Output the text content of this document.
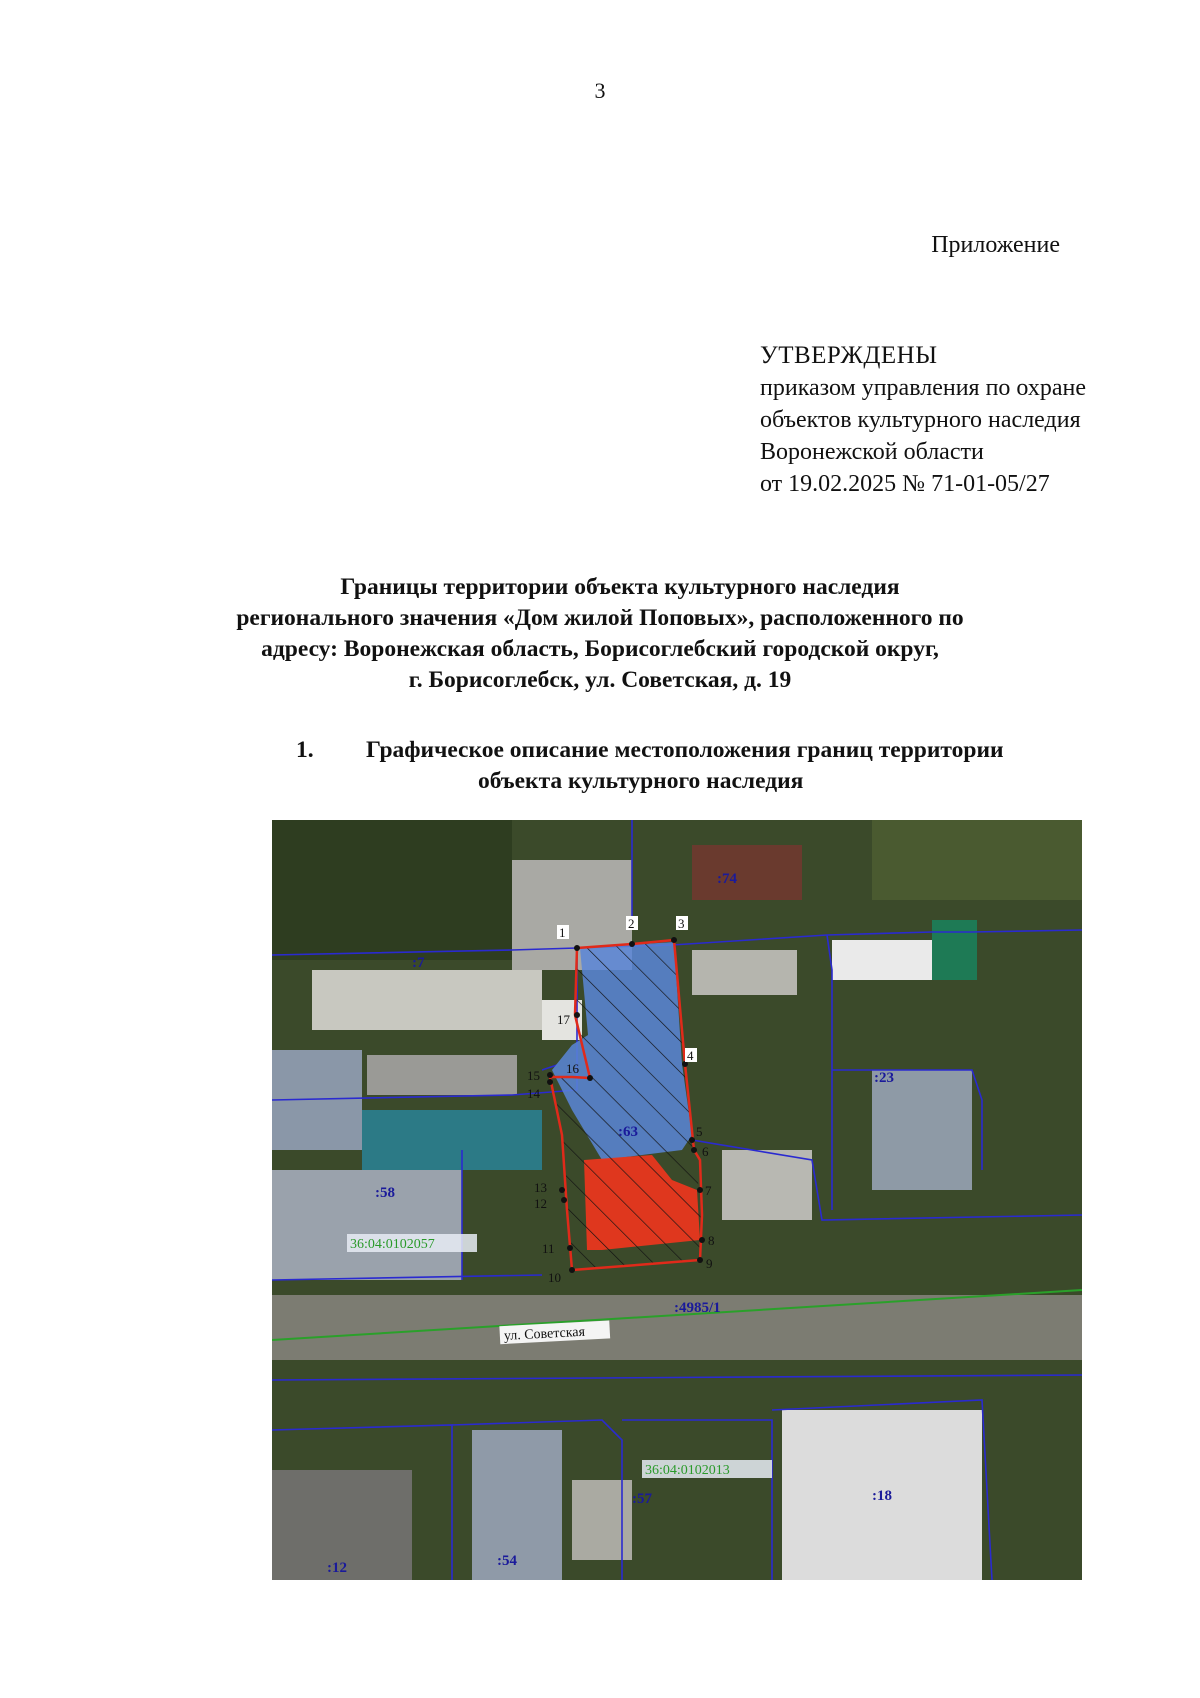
3
Приложение
УТВЕРЖДЕНЫ
приказом управления по охране
объектов культурного наследия
Воронежской области
от 19.02.2025 № 71-01-05/27
Границы территории объекта культурного наследия
регионального значения «Дом жилой Поповых», расположенного по
адресу: Воронежская область, Борисоглебский городской округ,
г. Борисоглебск, ул. Советская, д. 19
1. Графическое описание местоположения границ территории
объекта культурного наследия
1
2	3
4
5
6
7
8
9
10
11
12
13
14
15 16
17
:74
:7
:23
:63
:58
:4985/1
:12	:54
:57	:18
36:04:0102057
36:04:0102013
ул. Советская
